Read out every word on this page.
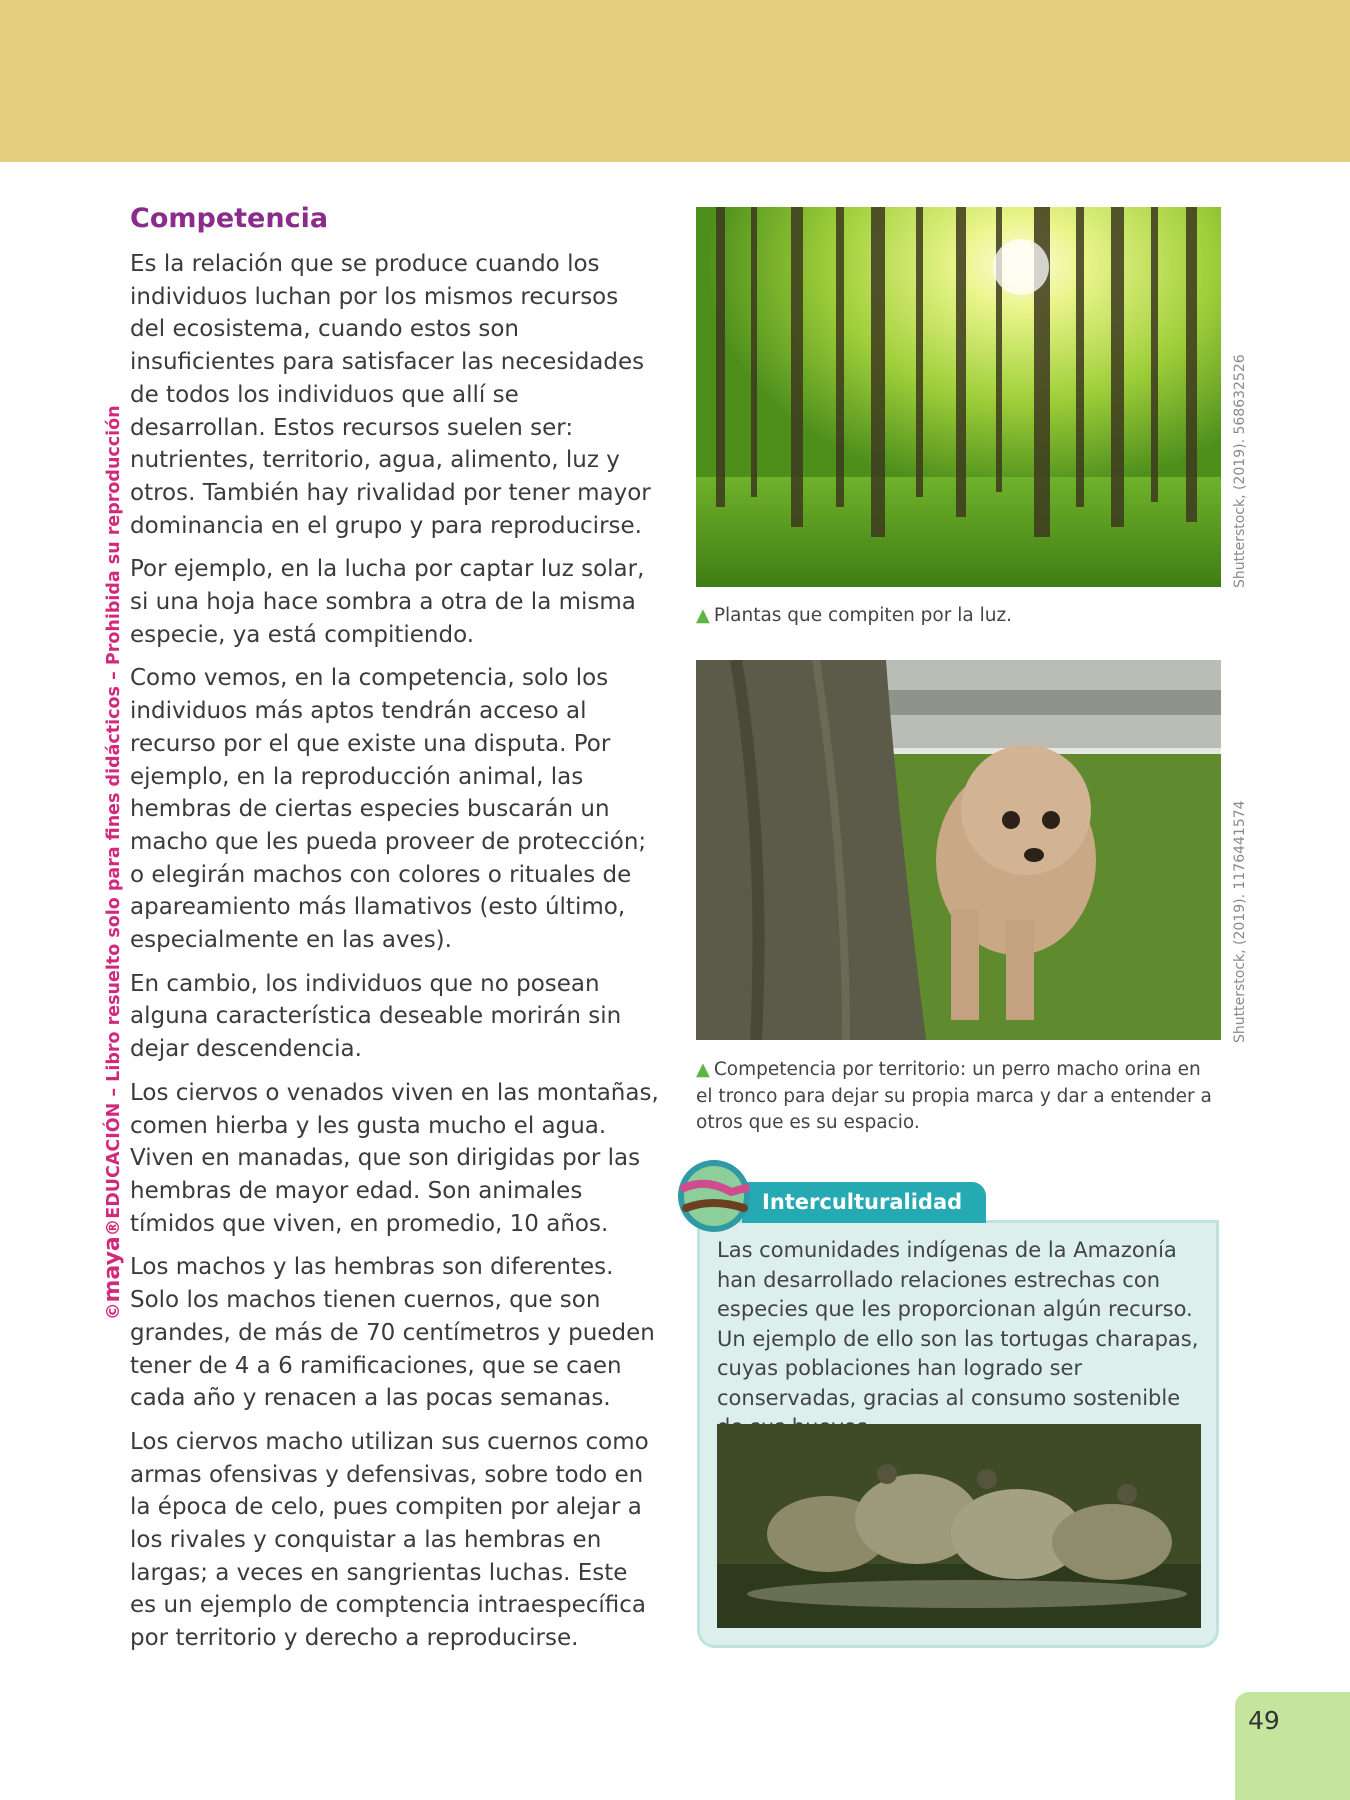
©maya®EDUCACIÓN – Libro resuelto solo para fines didácticos – Prohibida su reproducción
Competencia

Es la relación que se produce cuando los individuos luchan por los mismos recursos del ecosistema, cuando estos son insuficientes para satisfacer las necesidades de todos los individuos que allí se desarrollan. Estos recursos suelen ser: nutrientes, territorio, agua, alimento, luz y otros. También hay rivalidad por tener mayor dominancia en el grupo y para reproducirse.

Por ejemplo, en la lucha por captar luz solar, si una hoja hace sombra a otra de la misma especie, ya está compitiendo.

Como vemos, en la competencia, solo los individuos más aptos tendrán acceso al recurso por el que existe una disputa. Por ejemplo, en la reproducción animal, las hembras de ciertas especies buscarán un macho que les pueda proveer de protección; o elegirán machos con colores o rituales de apareamiento más llamativos (esto último, especialmente en las aves).

En cambio, los individuos que no posean alguna característica deseable morirán sin dejar descendencia.

Los ciervos o venados viven en las montañas, comen hierba y les gusta mucho el agua. Viven en manadas, que son dirigidas por las hembras de mayor edad. Son animales tímidos que viven, en promedio, 10 años.

Los machos y las hembras son diferentes. Solo los machos tienen cuernos, que son grandes, de más de 70 centímetros y pueden tener de 4 a 6 ramificaciones, que se caen cada año y renacen a las pocas semanas.

Los ciervos macho utilizan sus cuernos como armas ofensivas y defensivas, sobre todo en la época de celo, pues compiten por alejar a los rivales y conquistar a las hembras en largas; a veces en sangrientas luchas. Este es un ejemplo de comptencia intraespecífica por territorio y derecho a reproducirse.

Shutterstock, (2019). 568632526
▲ Plantas que compiten por la luz.
Shutterstock, (2019). 1176441574
▲ Competencia por territorio: un perro macho orina en el tronco para dejar su propia marca y dar a entender a otros que es su espacio.
Las comunidades indígenas de la Amazonía han desarrollado relaciones estrechas con especies que les proporcionan algún recurso. Un ejemplo de ello son las tortugas charapas, cuyas poblaciones han logrado ser conservadas, gracias al consumo sostenible
Interculturalidad
49
